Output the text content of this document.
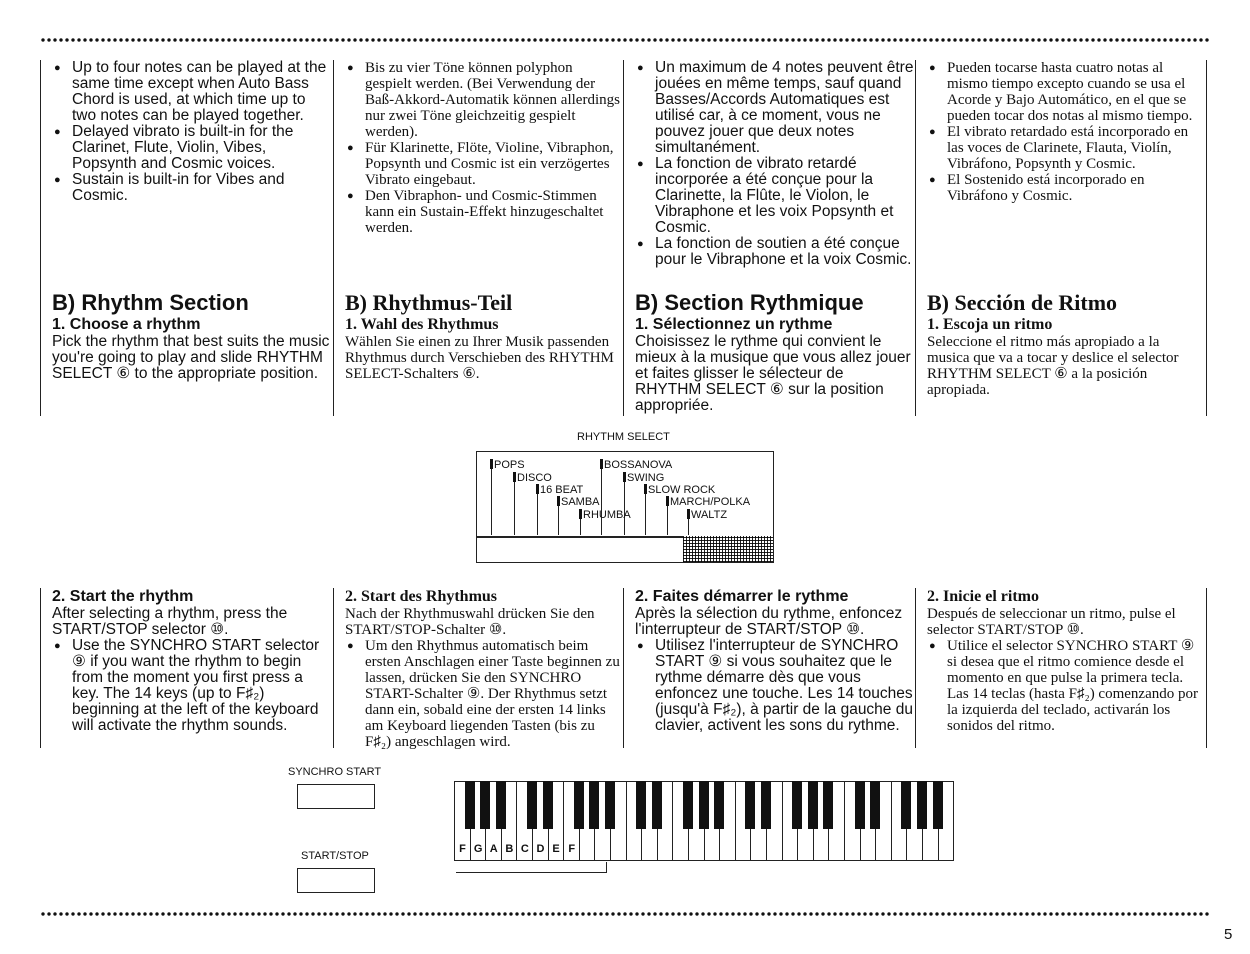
● Up to four notes can be played at the same time except when Auto Bass Chord is used, at which time up to two notes can be played together.
● Delayed vibrato is built-in for the Clarinet, Flute, Violin, Vibes, Popsynth and Cosmic voices.
● Sustain is built-in for Vibes and Cosmic.
B) Rhythm Section
1. Choose a rhythm

Pick the rhythm that best suits the music you're going to play and slide RHYTHM SELECT ⑥ to the appropriate position.

● Bis zu vier Töne können polyphon gespielt werden. (Bei Verwendung der Baß-Akkord-Automatik können allerdings nur zwei Töne gleichzeitig gespielt werden).
● Für Klarinette, Flöte, Violine, Vibraphon, Popsynth und Cosmic ist ein verzögertes Vibrato eingebaut.
● Den Vibraphon- und Cosmic-Stimmen kann ein Sustain-Effekt hinzugeschaltet werden.
B) Rhythmus-Teil
1. Wahl des Rhythmus

Wählen Sie einen zu Ihrer Musik passenden Rhythmus durch Verschieben des RHYTHM SELECT-Schalters ⑥.

● Un maximum de 4 notes peuvent être jouées en même temps, sauf quand Basses/Accords Automatiques est utilisé car, à ce moment, vous ne pouvez jouer que deux notes simultanément.
● La fonction de vibrato retardé incorporée a été conçue pour la Clarinette, la Flûte, le Violon, le Vibraphone et les voix Popsynth et Cosmic.
● La fonction de soutien a été conçue pour le Vibraphone et la voix Cosmic.
B) Section Rythmique
1. Sélectionnez un rythme

Choisissez le rythme qui convient le mieux à la musique que vous allez jouer et faites glisser le sélecteur de RHYTHM SELECT ⑥ sur la position appropriée.

● Pueden tocarse hasta cuatro notas al mismo tiempo excepto cuando se usa el Acorde y Bajo Automático, en el que se pueden tocar dos notas al mismo tiempo.
● El vibrato retardado está incorporado en las voces de Clarinete, Flauta, Violín, Vibráfono, Popsynth y Cosmic.
● El Sostenido está incorporado en Vibráfono y Cosmic.
B) Sección de Ritmo
1. Escoja un ritmo

Seleccione el ritmo más apropiado a la musica que va a tocar y deslice el selector RHYTHM SELECT ⑥ a la posición apropiada.

RHYTHM SELECT
POPS
DISCO
16 BEAT
SAMBA
RHUMBA
BOSSANOVA
SWING
SLOW ROCK
MARCH/POLKA
WALTZ
2. Start the rhythm

After selecting a rhythm, press the START/STOP selector ⑩.

● Use the SYNCHRO START selector ⑨ if you want the rhythm to begin from the moment you first press a key. The 14 keys (up to F♯₂) beginning at the left of the keyboard will activate the rhythm sounds.
2. Start des Rhythmus

Nach der Rhythmuswahl drücken Sie den START/STOP-Schalter ⑩.

● Um den Rhythmus automatisch beim ersten Anschlagen einer Taste beginnen zu lassen, drücken Sie den SYNCHRO START-Schalter ⑨. Der Rhythmus setzt dann ein, sobald eine der ersten 14 links am Keyboard liegenden Tasten (bis zu F♯₂) angeschlagen wird.
2. Faites démarrer le rythme

Après la sélection du rythme, enfoncez l'interrupteur de START/STOP ⑩.

● Utilisez l'interrupteur de SYNCHRO START ⑨ si vous souhaitez que le rythme démarre dès que vous enfoncez une touche. Les 14 touches (jusqu'à F♯₂), à partir de la gauche du clavier, activent les sons du rythme.
2. Inicie el ritmo

Después de seleccionar un ritmo, pulse el selector START/STOP ⑩.

● Utilice el selector SYNCHRO START ⑨ si desea que el ritmo comience desde el momento en que pulse la primera tecla. Las 14 teclas (hasta F♯₂) comenzando por la izquierda del teclado, activarán los sonidos del ritmo.
SYNCHRO START
START/STOP
F G A B C D E F
5
